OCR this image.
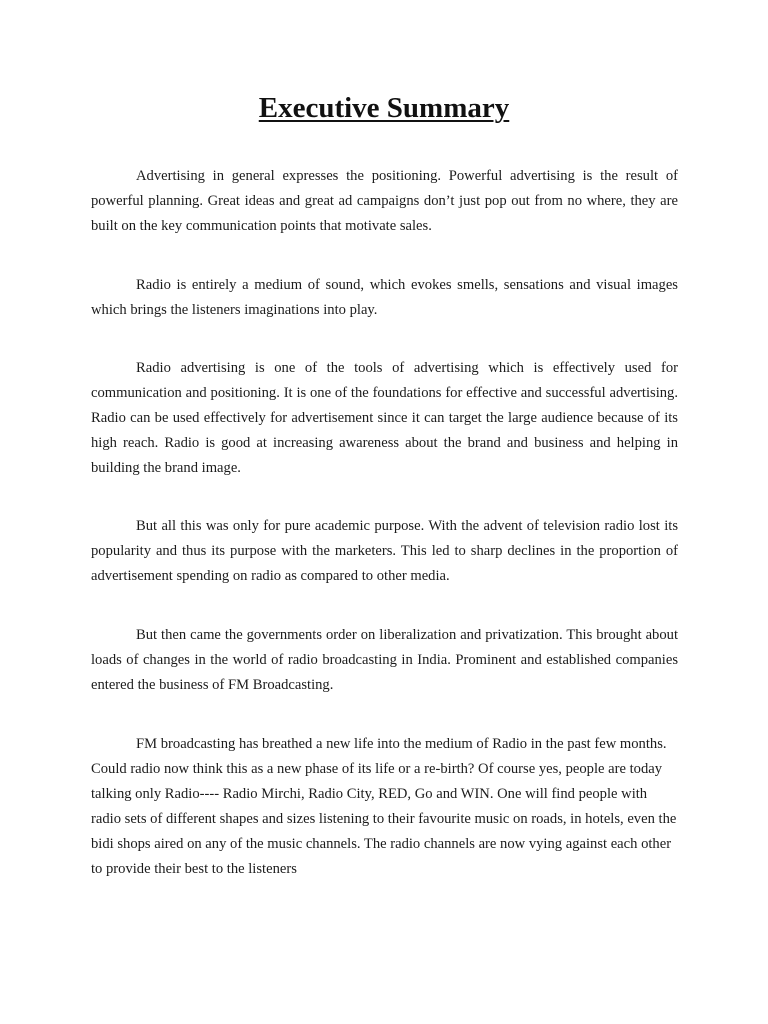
Executive Summary

Advertising in general expresses the positioning. Powerful advertising is the result of powerful planning. Great ideas and great ad campaigns don’t just pop out from no where, they are built on the key communication points that motivate sales.

Radio is entirely a medium of sound, which evokes smells, sensations and visual images which brings the listeners imaginations into play.

Radio advertising is one of the tools of advertising which is effectively used for communication and positioning. It is one of the foundations for effective and successful advertising. Radio can be used effectively for advertisement since it can target the large audience because of its high reach. Radio is good at increasing awareness about the brand and business and helping in building the brand image.

But all this was only for pure academic purpose. With the advent of television radio lost its popularity and thus its purpose with the marketers. This led to sharp declines in the proportion of advertisement spending on radio as compared to other media.

But then came the governments order on liberalization and privatization. This brought about loads of changes in the world of radio broadcasting in India. Prominent and established companies entered the business of FM Broadcasting.

FM broadcasting has breathed a new life into the medium of Radio in the past few months. Could radio now think this as a new phase of its life or a re-birth? Of course yes, people are today talking only Radio---- Radio Mirchi, Radio City, RED, Go and WIN. One will find people with radio sets of different shapes and sizes listening to their favourite music on roads, in hotels, even the bidi shops aired on any of the music channels. The radio channels are now vying against each other to provide their best to the listeners
